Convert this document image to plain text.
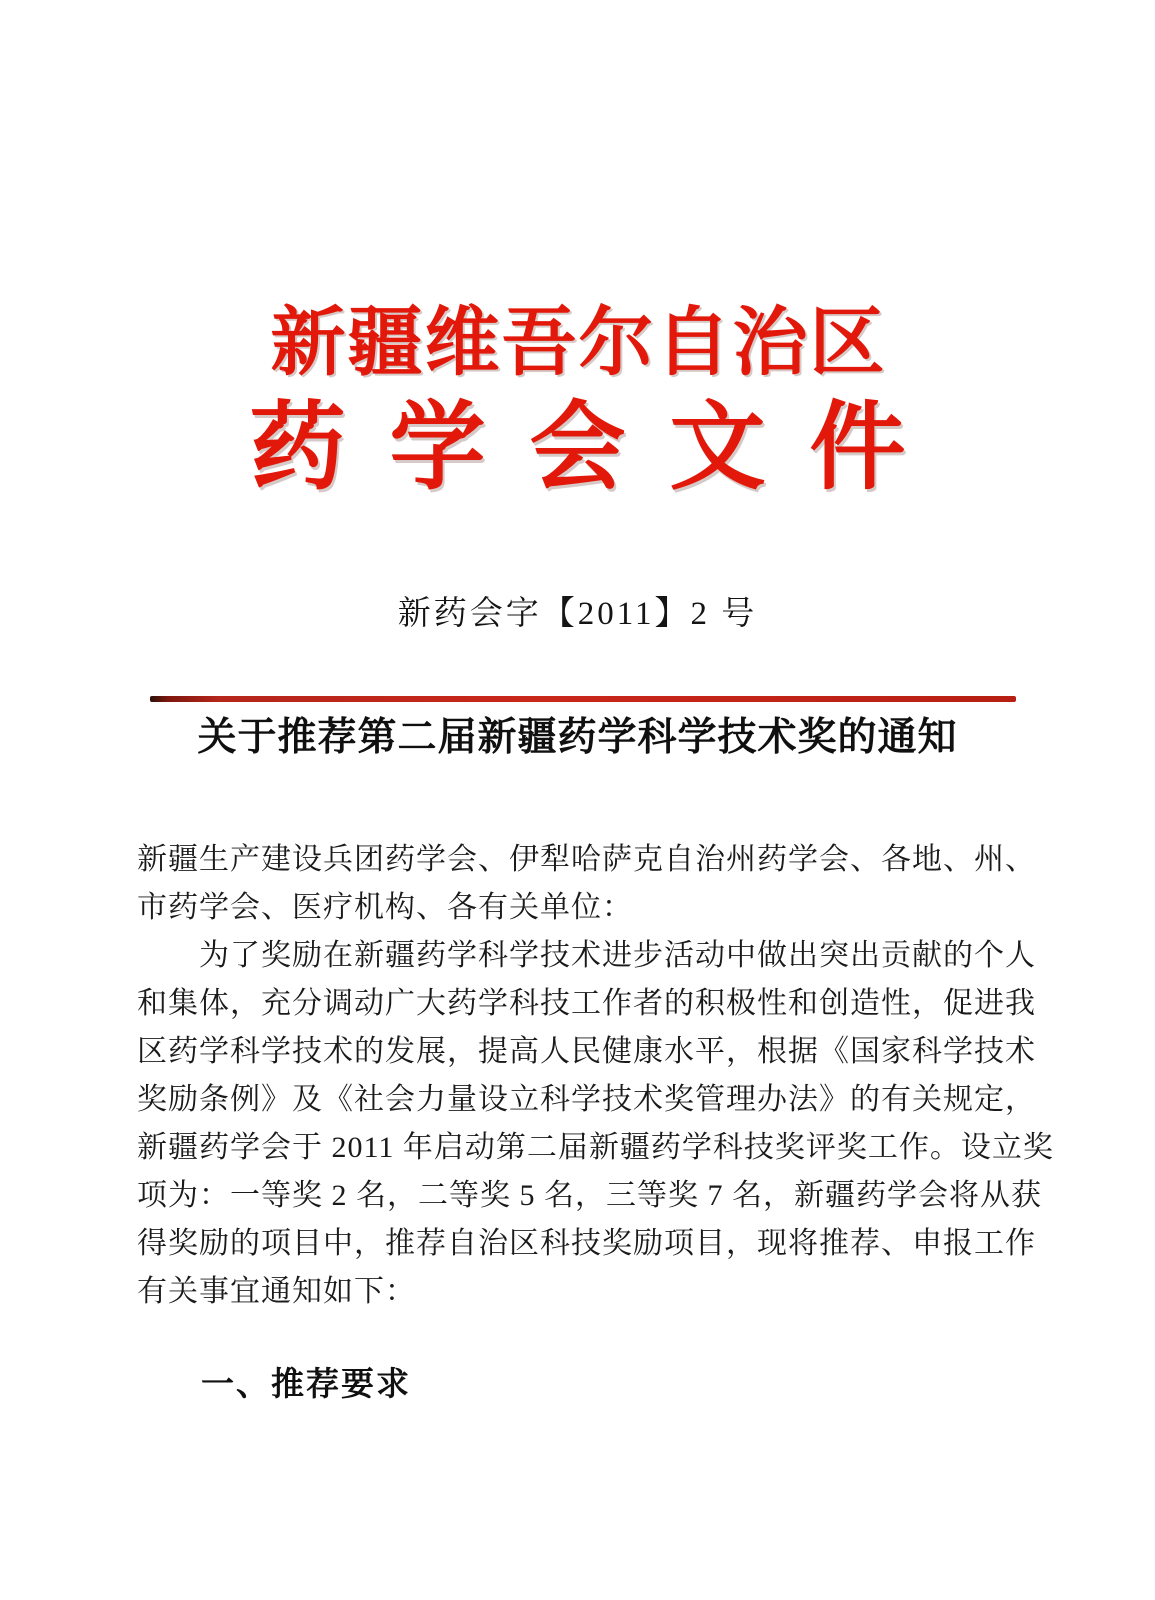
新疆维吾尔自治区
药学会文件
新药会字【2011】2 号
关于推荐第二届新疆药学科学技术奖的通知
新疆生产建设兵团药学会、伊犁哈萨克自治州药学会、各地、州、
市药学会、医疗机构、各有关单位：
为了奖励在新疆药学科学技术进步活动中做出突出贡献的个人
和集体，充分调动广大药学科技工作者的积极性和创造性，促进我
区药学科学技术的发展，提高人民健康水平，根据《国家科学技术
奖励条例》及《社会力量设立科学技术奖管理办法》的有关规定，
新疆药学会于 2011 年启动第二届新疆药学科技奖评奖工作。设立奖
项为：一等奖 2 名，二等奖 5 名，三等奖 7 名，新疆药学会将从获
得奖励的项目中，推荐自治区科技奖励项目，现将推荐、申报工作
有关事宜通知如下：
一、推荐要求
